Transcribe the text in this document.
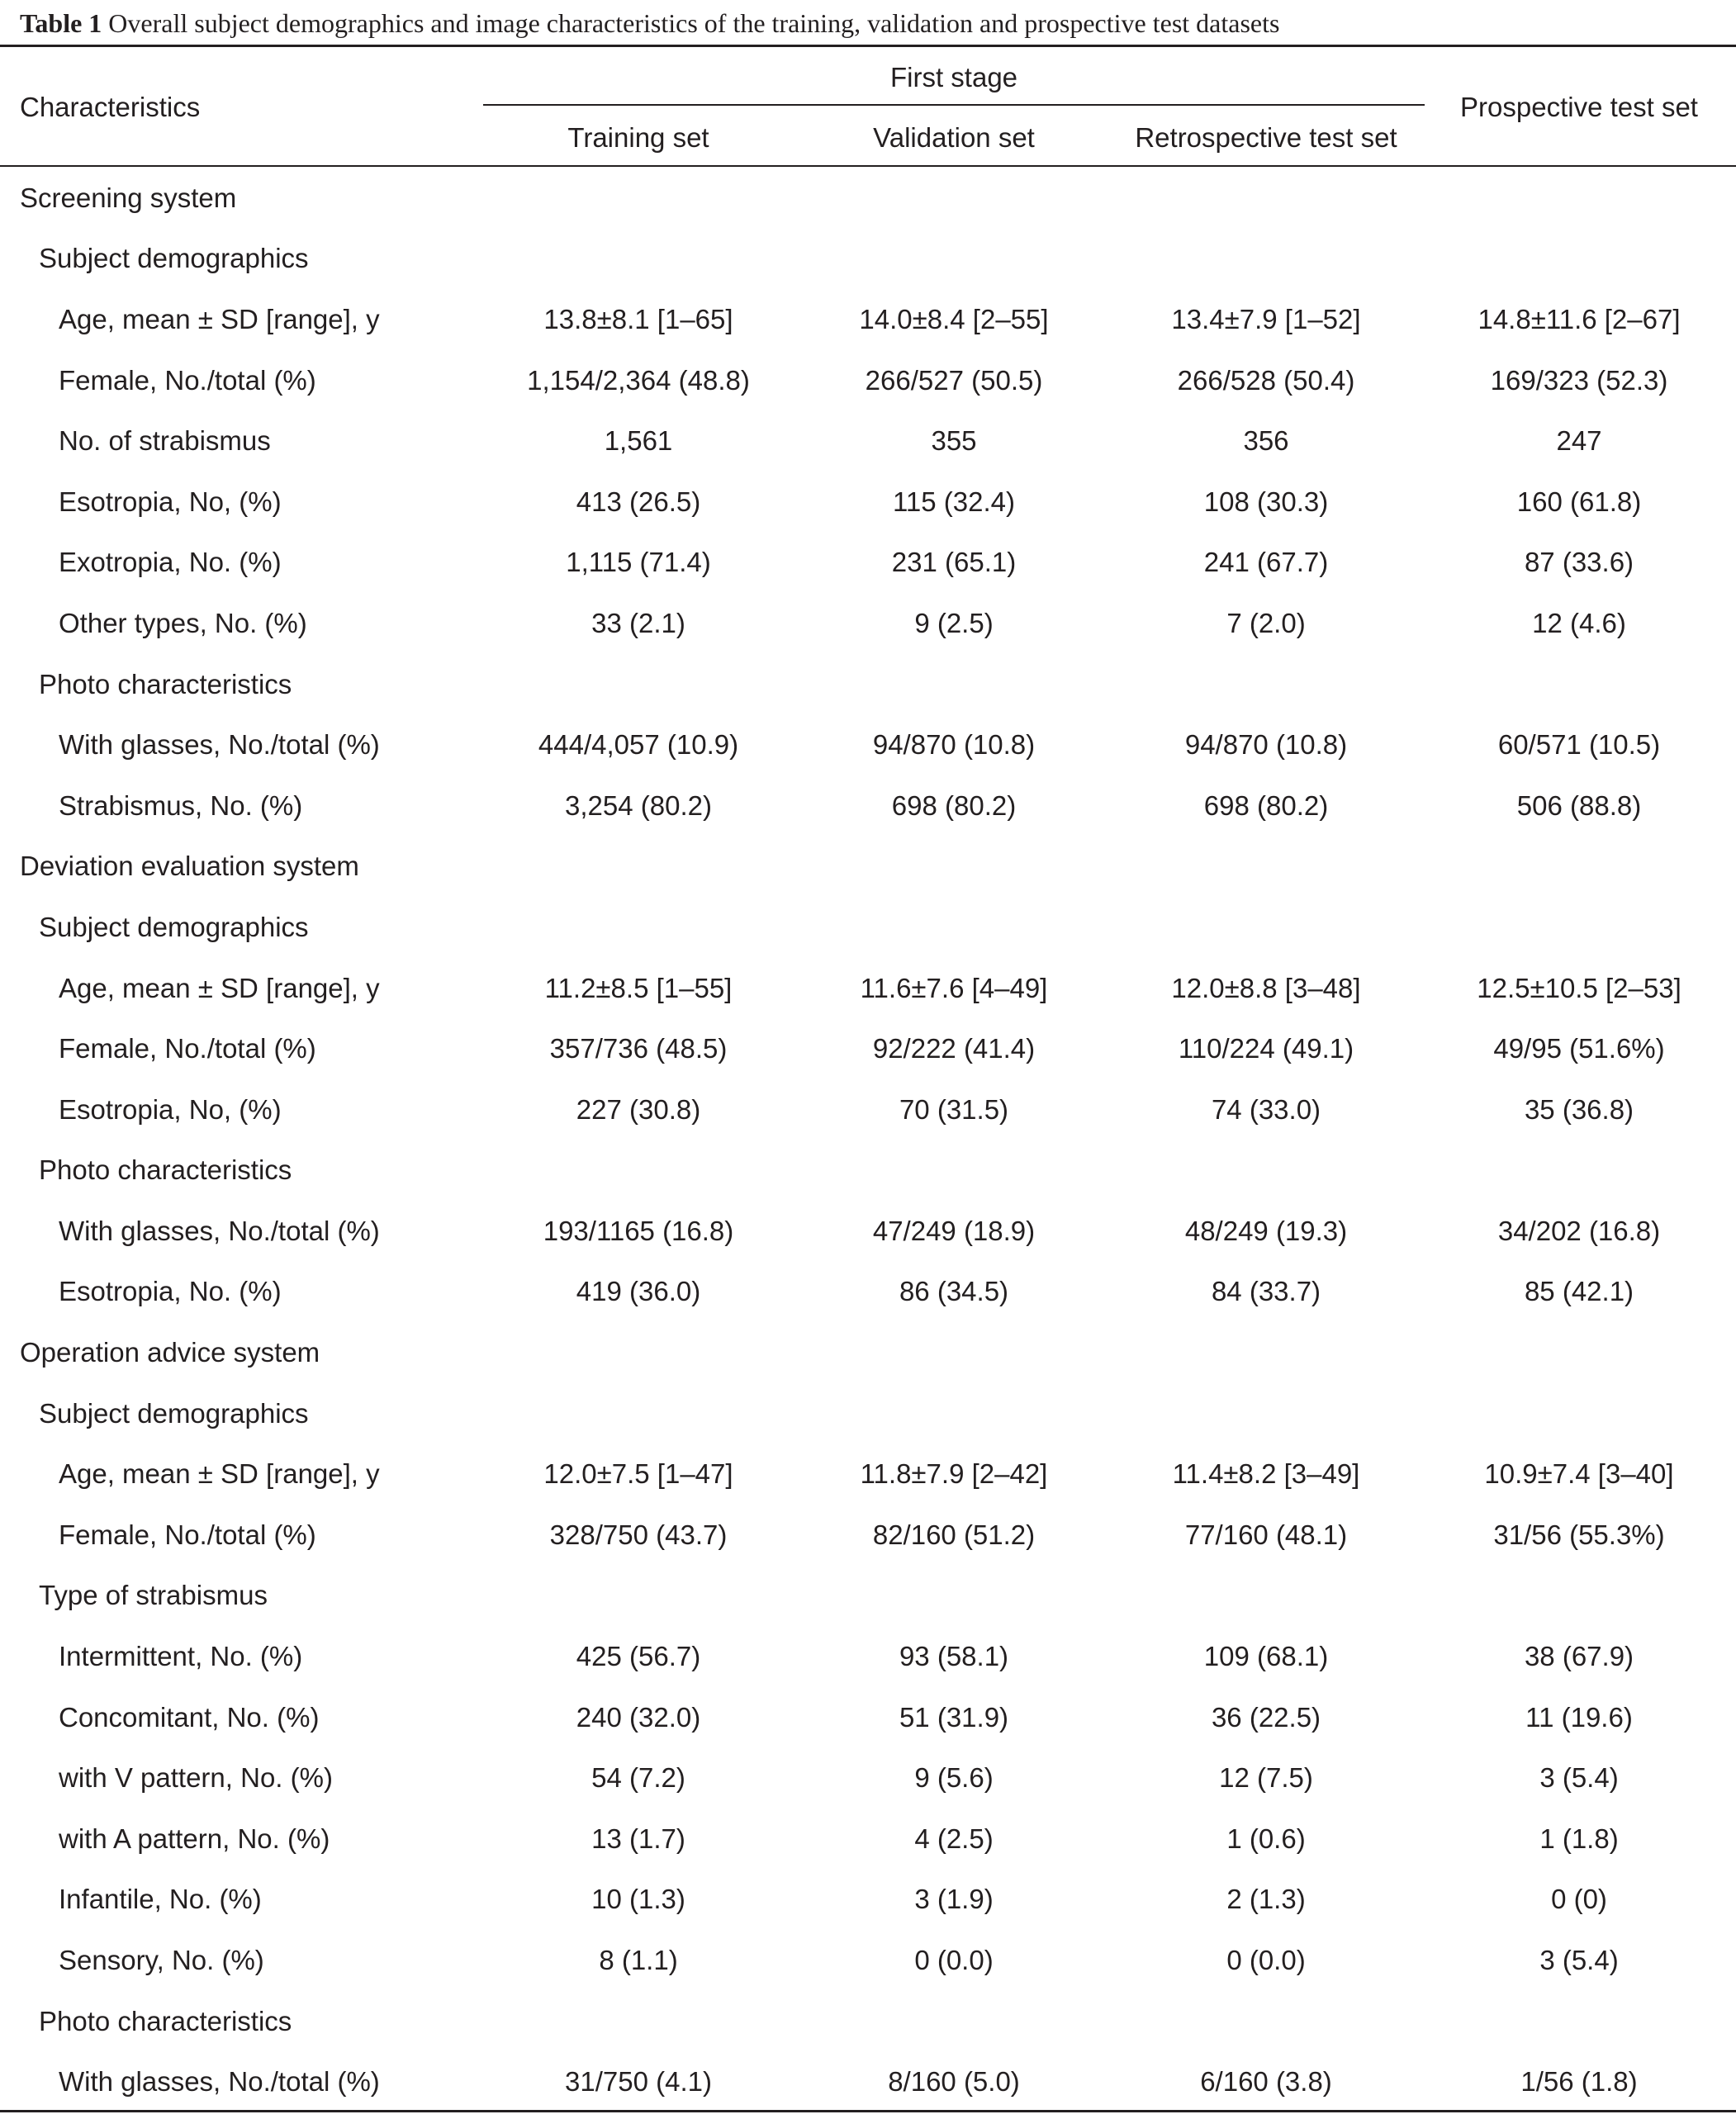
Table 1 Overall subject demographics and image characteristics of the training, validation and prospective test datasets
Characteristics
First stage
Training set	Validation set	Retrospective test set
Prospective test set
Screening system
Subject demographics
Age, mean ± SD [range], y	13.8±8.1 [1–65]	14.0±8.4 [2–55]	13.4±7.9 [1–52]	14.8±11.6 [2–67]
Female, No./total (%)	1,154/2,364 (48.8)	266/527 (50.5)	266/528 (50.4)	169/323 (52.3)
No. of strabismus	1,561	355	356	247
Esotropia, No, (%)	413 (26.5)	115 (32.4)	108 (30.3)	160 (61.8)
Exotropia, No. (%)	1,115 (71.4)	231 (65.1)	241 (67.7)	87 (33.6)
Other types, No. (%)	33 (2.1)	9 (2.5)	7 (2.0)	12 (4.6)
Photo characteristics
With glasses, No./total (%)	444/4,057 (10.9)	94/870 (10.8)	94/870 (10.8)	60/571 (10.5)
Strabismus, No. (%)	3,254 (80.2)	698 (80.2)	698 (80.2)	506 (88.8)
Deviation evaluation system
Subject demographics
Age, mean ± SD [range], y	11.2±8.5 [1–55]	11.6±7.6 [4–49]	12.0±8.8 [3–48]	12.5±10.5 [2–53]
Female, No./total (%)	357/736 (48.5)	92/222 (41.4)	110/224 (49.1)	49/95 (51.6%)
Esotropia, No, (%)	227 (30.8)	70 (31.5)	74 (33.0)	35 (36.8)
Photo characteristics
With glasses, No./total (%)	193/1165 (16.8)	47/249 (18.9)	48/249 (19.3)	34/202 (16.8)
Esotropia, No. (%)	419 (36.0)	86 (34.5)	84 (33.7)	85 (42.1)
Operation advice system
Subject demographics
Age, mean ± SD [range], y	12.0±7.5 [1–47]	11.8±7.9 [2–42]	11.4±8.2 [3–49]	10.9±7.4 [3–40]
Female, No./total (%)	328/750 (43.7)	82/160 (51.2)	77/160 (48.1)	31/56 (55.3%)
Type of strabismus
Intermittent, No. (%)	425 (56.7)	93 (58.1)	109 (68.1)	38 (67.9)
Concomitant, No. (%)	240 (32.0)	51 (31.9)	36 (22.5)	11 (19.6)
with V pattern, No. (%)	54 (7.2)	9 (5.6)	12 (7.5)	3 (5.4)
with A pattern, No. (%)	13 (1.7)	4 (2.5)	1 (0.6)	1 (1.8)
Infantile, No. (%)	10 (1.3)	3 (1.9)	2 (1.3)	0 (0)
Sensory, No. (%)	8 (1.1)	0 (0.0)	0 (0.0)	3 (5.4)
Photo characteristics
With glasses, No./total (%)	31/750 (4.1)	8/160 (5.0)	6/160 (3.8)	1/56 (1.8)
